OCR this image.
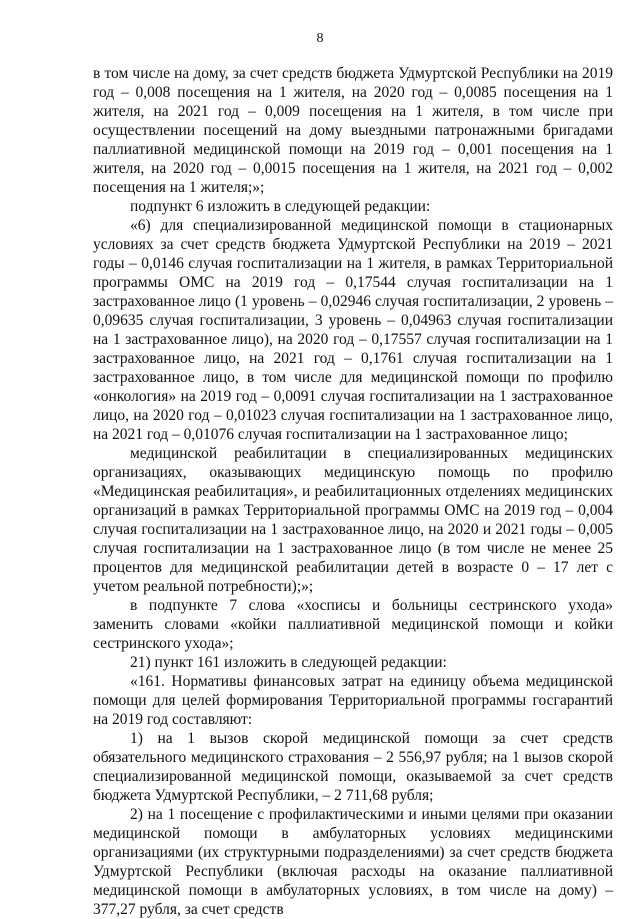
8

в том числе на дому, за счет средств бюджета Удмуртской Республики на 2019 год – 0,008 посещения на 1 жителя, на 2020 год – 0,0085 посещения на 1 жителя, на 2021 год – 0,009 посещения на 1 жителя, в том числе при осуществлении посещений на дому выездными патронажными бригадами паллиативной медицинской помощи на 2019 год – 0,001 посещения на 1 жителя, на 2020 год – 0,0015 посещения на 1 жителя, на 2021 год – 0,002 посещения на 1 жителя;»;

подпункт 6 изложить в следующей редакции:

«6) для специализированной медицинской помощи в стационарных условиях за счет средств бюджета Удмуртской Республики на 2019 – 2021 годы – 0,0146 случая госпитализации на 1 жителя, в рамках Территориальной программы ОМС на 2019 год – 0,17544 случая госпитализации на 1 застрахованное лицо (1 уровень – 0,02946 случая госпитализации, 2 уровень – 0,09635 случая госпитализации, 3 уровень – 0,04963 случая госпитализации на 1 застрахованное лицо), на 2020 год – 0,17557 случая госпитализации на 1 застрахованное лицо, на 2021 год – 0,1761 случая госпитализации на 1 застрахованное лицо, в том числе для медицинской помощи по профилю «онкология» на 2019 год – 0,0091 случая госпитализации на 1 застрахованное лицо, на 2020 год – 0,01023 случая госпитализации на 1 застрахованное лицо, на 2021 год – 0,01076 случая госпитализации на 1 застрахованное лицо;

медицинской реабилитации в специализированных медицинских организациях, оказывающих медицинскую помощь по профилю «Медицинская реабилитация», и реабилитационных отделениях медицинских организаций в рамках Территориальной программы ОМС на 2019 год – 0,004 случая госпитализации на 1 застрахованное лицо, на 2020 и 2021 годы – 0,005 случая госпитализации на 1 застрахованное лицо (в том числе не менее 25 процентов для медицинской реабилитации детей в возрасте 0 – 17 лет с учетом реальной потребности);»;

в подпункте 7 слова «хосписы и больницы сестринского ухода» заменить словами «койки паллиативной медицинской помощи и койки сестринского ухода»;

21) пункт 161 изложить в следующей редакции:

«161. Нормативы финансовых затрат на единицу объема медицинской помощи для целей формирования Территориальной программы госгарантий на 2019 год составляют:

1) на 1 вызов скорой медицинской помощи за счет средств обязательного медицинского страхования – 2 556,97 рубля; на 1 вызов скорой специализированной медицинской помощи, оказываемой за счет средств бюджета Удмуртской Республики, – 2 711,68 рубля;

2) на 1 посещение с профилактическими и иными целями при оказании медицинской помощи в амбулаторных условиях медицинскими организациями (их структурными подразделениями) за счет средств бюджета Удмуртской Республики (включая расходы на оказание паллиативной медицинской помощи в амбулаторных условиях, в том числе на дому) – 377,27 рубля, за счет средств
